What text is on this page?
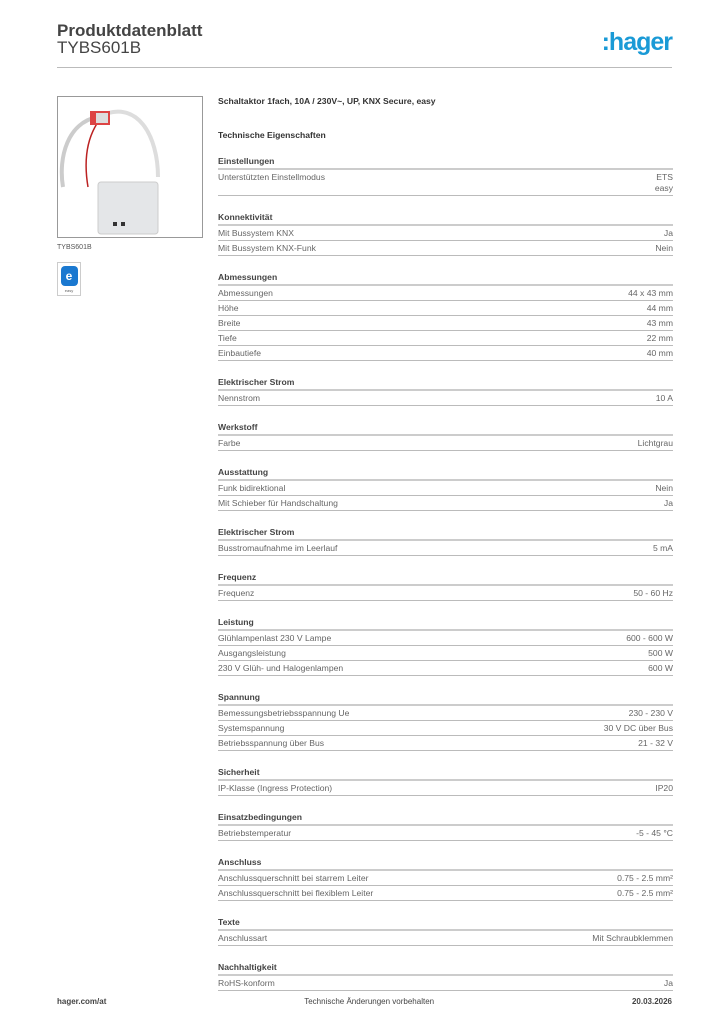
Produktdatenblatt
TYBS601B	:hager
TYBS601B
e
easy
Schaltaktor 1fach, 10A / 230V~, UP, KNX Secure, easy
Technische Eigenschaften
Einstellungen
Unterstützten Einstellmodus	ETS
easy
Konnektivität
Mit Bussystem KNX	Ja
Mit Bussystem KNX-Funk	Nein
Abmessungen
Abmessungen	44 x 43 mm
Höhe	44 mm
Breite	43 mm
Tiefe	22 mm
Einbautiefe	40 mm
Elektrischer Strom
Nennstrom	10 A
Werkstoff
Farbe	Lichtgrau
Ausstattung
Funk bidirektional	Nein
Mit Schieber für Handschaltung	Ja
Elektrischer Strom
Busstromaufnahme im Leerlauf	5 mA
Frequenz
Frequenz	50 - 60 Hz
Leistung
Glühlampenlast 230 V Lampe	600 - 600 W
Ausgangsleistung	500 W
230 V Glüh- und Halogenlampen	600 W
Spannung
Bemessungsbetriebsspannung Ue	230 - 230 V
Systemspannung	30 V DC über Bus
Betriebsspannung über Bus	21 - 32 V
Sicherheit
IP-Klasse (Ingress Protection)	IP20
Einsatzbedingungen
Betriebstemperatur	-5 - 45 °C
Anschluss
Anschlussquerschnitt bei starrem Leiter	0.75 - 2.5 mm²
Anschlussquerschnitt bei flexiblem Leiter	0.75 - 2.5 mm²
Texte
Anschlussart	Mit Schraubklemmen
Nachhaltigkeit
RoHS-konform	Ja
hager.com/at	Technische Änderungen vorbehalten	20.03.2026
